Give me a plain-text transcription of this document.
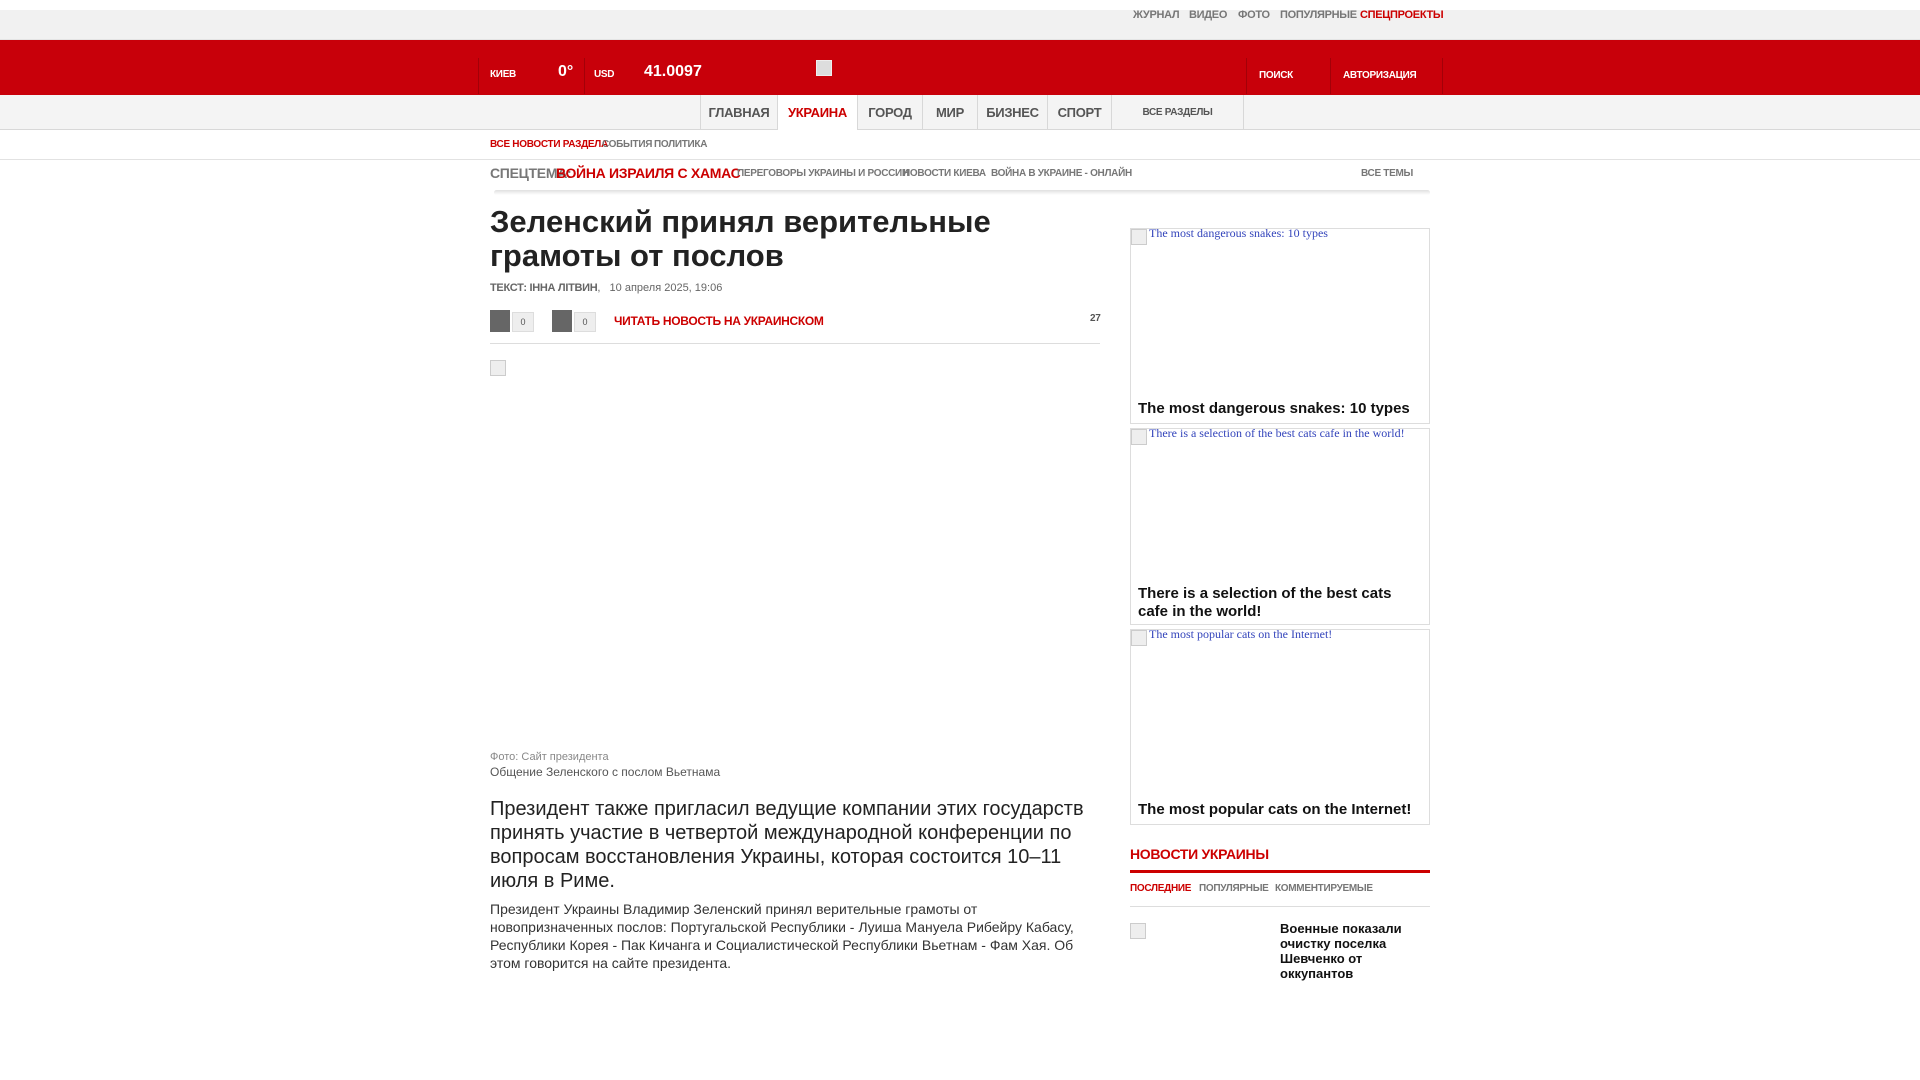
ЖУРНАЛ ВИДЕО ФОТО ПОПУЛЯРНЫЕ СПЕЦПРОЕКТЫ
КИЕВ	0° USD 41.0097	ПОИСК	АВТОРИЗАЦИЯ
ГЛАВНАЯ	УКРАИНА	ГОРОД	МИР	БИЗНЕС	СПОРТ	ВСЕ РАЗДЕЛЫ
ВСЕ НОВОСТИ РАЗДЕЛА
СОБЫТИЯ ПОЛИТИКА
СПЕЦТЕМА:
ВОЙНА ИЗРАИЛЯ С ХАМАС
ПЕРЕГОВОРЫ УКРАИНЫ И РОССИИ
НОВОСТИ КИЕВА ВОЙНА В УКРАИНЕ - ОНЛАЙН	ВСЕ ТЕМЫ
Зеленский принял верительные грамоты от послов
ТЕКСТ: ІННА ЛІТВИН, 10 апреля 2025, 19:06
0	0	ЧИТАТЬ НОВОСТЬ НА УКРАИНСКОМ	27
Фото: Сайт президента
Общение Зеленского с послом Вьетнама

Президент также пригласил ведущие компании этих государств принять участие в четвертой международной конференции по вопросам восстановления Украины, которая состоится 10–11 июля в Риме.

Президент Украины Владимир Зеленский принял верительные грамоты от новопризначенных послов: Португальской Республики - Луиша Мануела Рибейру Кабасу, Республики Корея - Пак Кичанга и Социалистической Республики Вьетнам - Фам Хая. Об этом говорится на сайте президента.

The most dangerous snakes: 10 types
The most dangerous snakes: 10 types
There is a selection of the best cats cafe in the world!
There is a selection of the best cats cafe in the world!
The most popular cats on the Internet!
The most popular cats on the Internet!
НОВОСТИ УКРАИНЫ
ПОСЛЕДНИЕ ПОПУЛЯРНЫЕ КОММЕНТИРУЕМЫЕ
Военные показали очистку поселка Шевченко от оккупантов
